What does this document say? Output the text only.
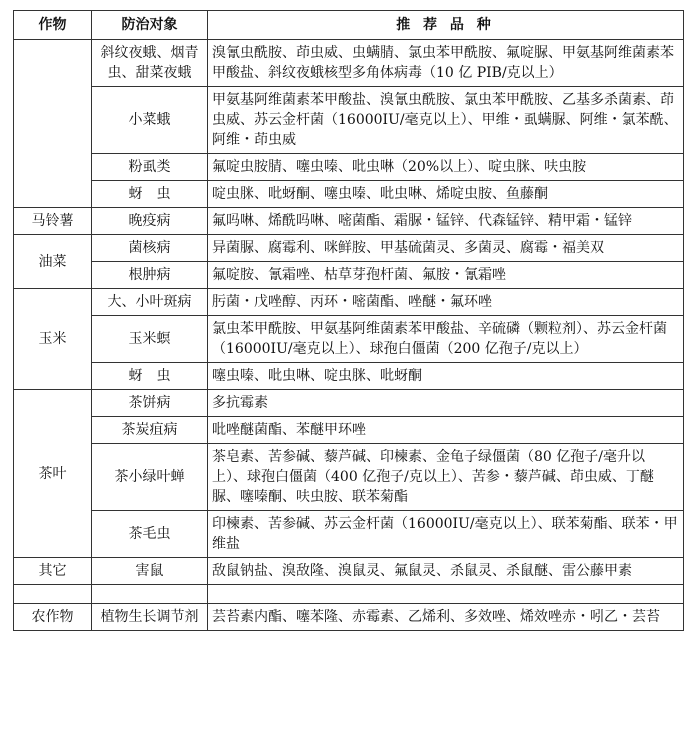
作物	防治对象	推 荐 品 种
	斜纹夜蛾、烟青虫、甜菜夜蛾	溴氰虫酰胺、茚虫威、虫螨腈、氯虫苯甲酰胺、氟啶脲、甲氨基阿维菌素苯甲酸盐、斜纹夜蛾核型多角体病毒（10 亿 PIB/克以上）
	小菜蛾	甲氨基阿维菌素苯甲酸盐、溴氰虫酰胺、氯虫苯甲酰胺、乙基多杀菌素、茚虫威、苏云金杆菌（16000IU/毫克以上）、甲维・虱螨脲、阿维・氯苯酰、阿维・茚虫威
	粉虱类	氟啶虫胺腈、噻虫嗪、吡虫啉（20%以上）、啶虫脒、呋虫胺
	蚜　虫	啶虫脒、吡蚜酮、噻虫嗪、吡虫啉、烯啶虫胺、鱼藤酮
马铃薯	晚疫病	氟吗啉、烯酰吗啉、嘧菌酯、霜脲・锰锌、代森锰锌、精甲霜・锰锌
油菜	菌核病	异菌脲、腐霉利、咪鲜胺、甲基硫菌灵、多菌灵、腐霉・福美双
	根肿病	氟啶胺、氰霜唑、枯草芽孢杆菌、氟胺・氰霜唑
玉米	大、小叶斑病	肟菌・戊唑醇、丙环・嘧菌酯、唑醚・氟环唑
	玉米螟	氯虫苯甲酰胺、甲氨基阿维菌素苯甲酸盐、辛硫磷（颗粒剂）、苏云金杆菌（16000IU/毫克以上）、球孢白僵菌（200 亿孢子/克以上）
	蚜　虫	噻虫嗪、吡虫啉、啶虫脒、吡蚜酮
茶叶	茶饼病	多抗霉素
	茶炭疽病	吡唑醚菌酯、苯醚甲环唑
	茶小绿叶蝉	茶皂素、苦参碱、藜芦碱、印楝素、金龟子绿僵菌（80 亿孢子/毫升以上）、球孢白僵菌（400 亿孢子/克以上）、苦参・藜芦碱、茚虫威、丁醚脲、噻嗪酮、呋虫胺、联苯菊酯
	茶毛虫	印楝素、苦参碱、苏云金杆菌（16000IU/毫克以上）、联苯菊酯、联苯・甲维盐
其它	害鼠	敌鼠钠盐、溴敌隆、溴鼠灵、氟鼠灵、杀鼠灵、杀鼠醚、雷公藤甲素

农作物	植物生长调节剂	芸苔素内酯、噻苯隆、赤霉素、乙烯利、多效唑、烯效唑赤・吲乙・芸苔
